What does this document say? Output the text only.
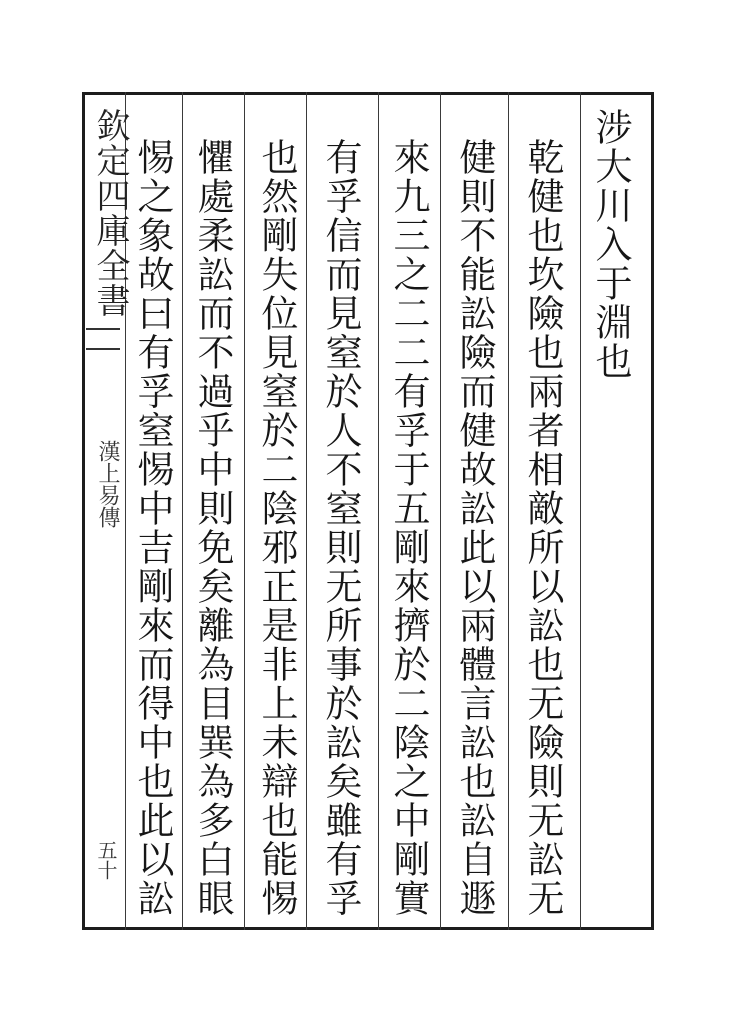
欽定四庫全書
漢上易傳
五十
涉大川入于淵也
乾健也坎險也兩者相敵所以訟也无險則无訟无
健則不能訟險而健故訟此以兩體言訟也訟自遯
來九三之二二有孚于五剛來擠於二陰之中剛實
有孚信而見窒於人不窒則无所事於訟矣雖有孚
也然剛失位見窒於二陰邪正是非上未辯也能惕
懼處柔訟而不過乎中則免矣離為目巽為多白眼
惕之象故曰有孚窒惕中吉剛來而得中也此以訟
